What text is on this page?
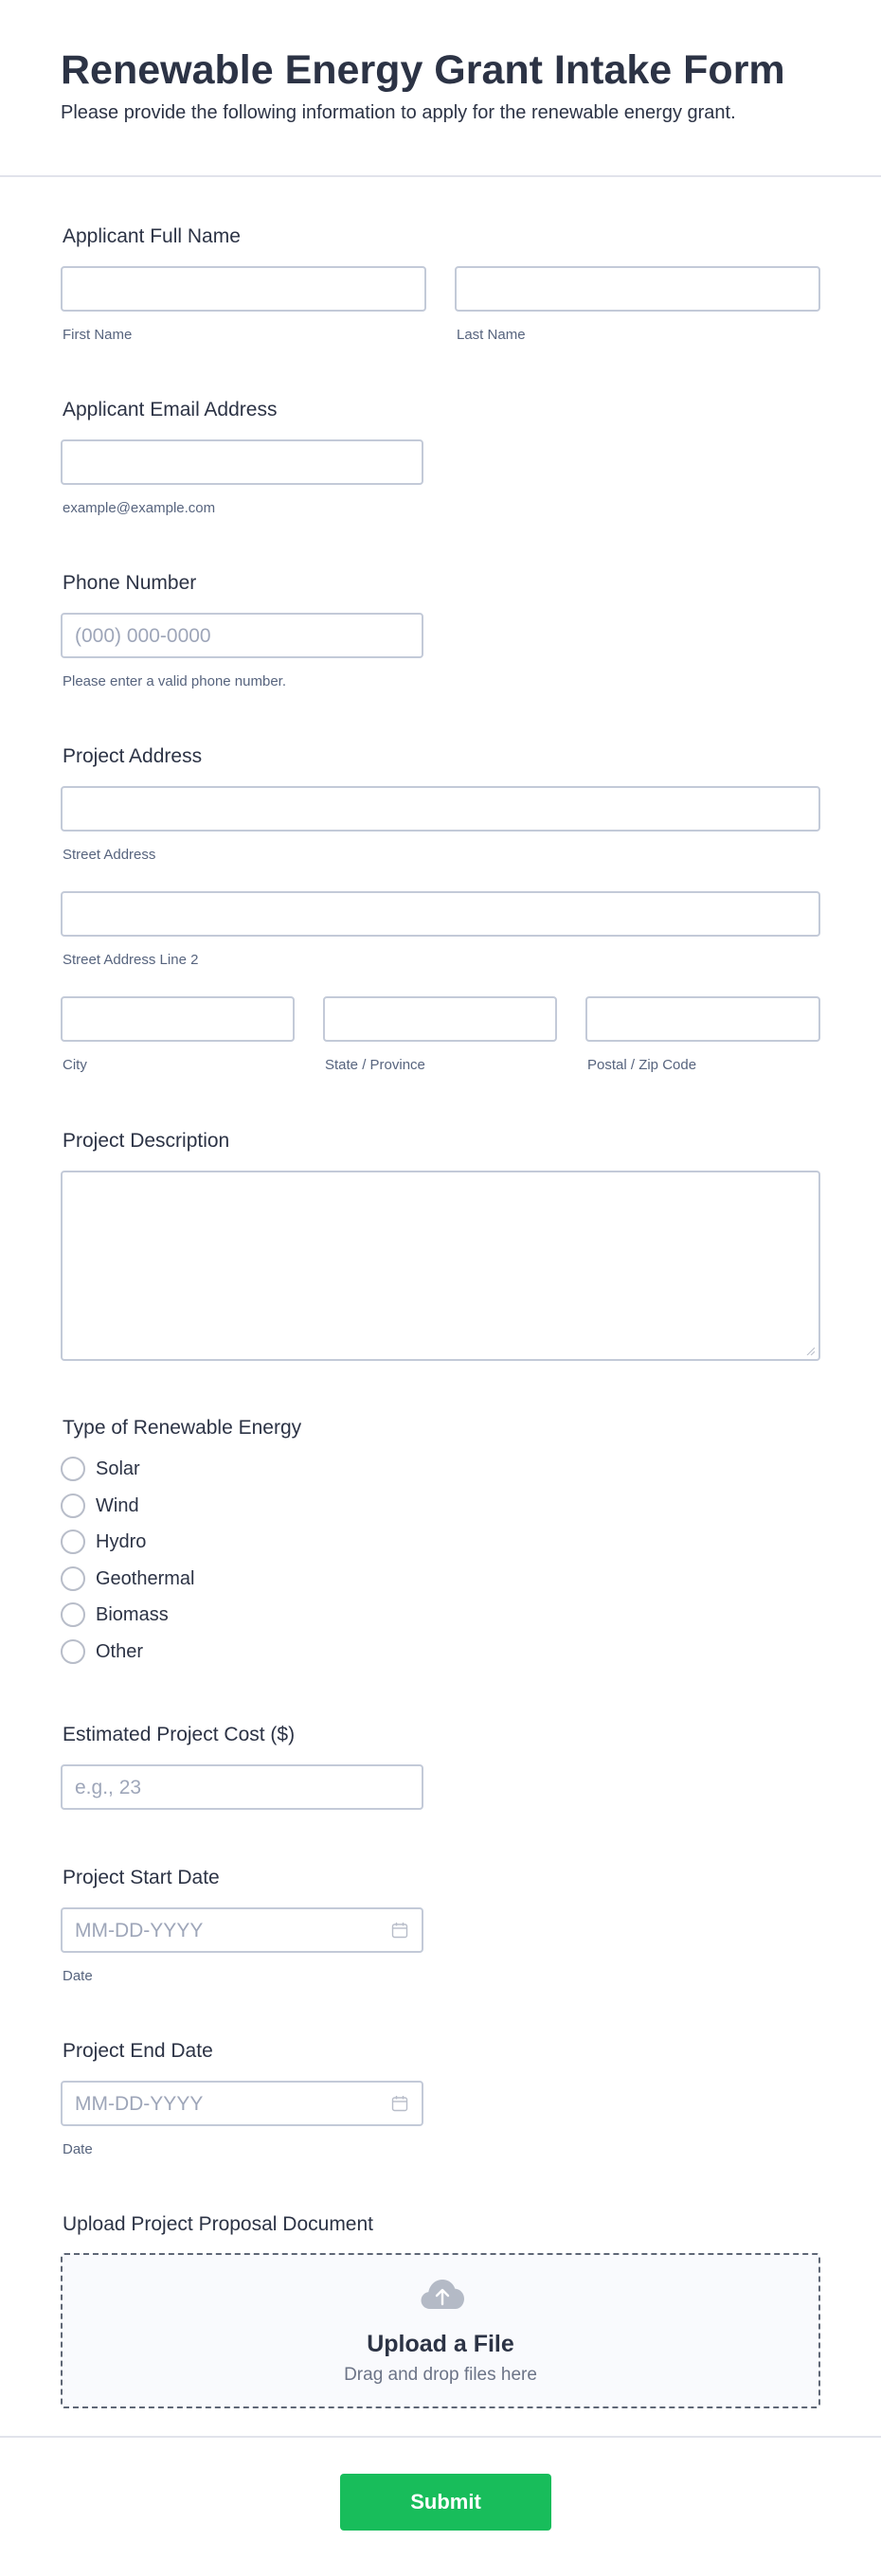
Renewable Energy Grant Intake Form
Please provide the following information to apply for the renewable energy grant.
Applicant Full Name
First Name	Last Name
Applicant Email Address
example@example.com
Phone Number
(000) 000-0000
Please enter a valid phone number.
Project Address
Street Address
Street Address Line 2
City	State / Province	Postal / Zip Code
Project Description
Type of Renewable Energy
Solar
Wind
Hydro
Geothermal
Biomass
Other
Estimated Project Cost ($)
e.g., 23
Project Start Date
MM-DD-YYYY
Date
Project End Date
MM-DD-YYYY
Date
Upload Project Proposal Document
Upload a File
Drag and drop files here
Submit
